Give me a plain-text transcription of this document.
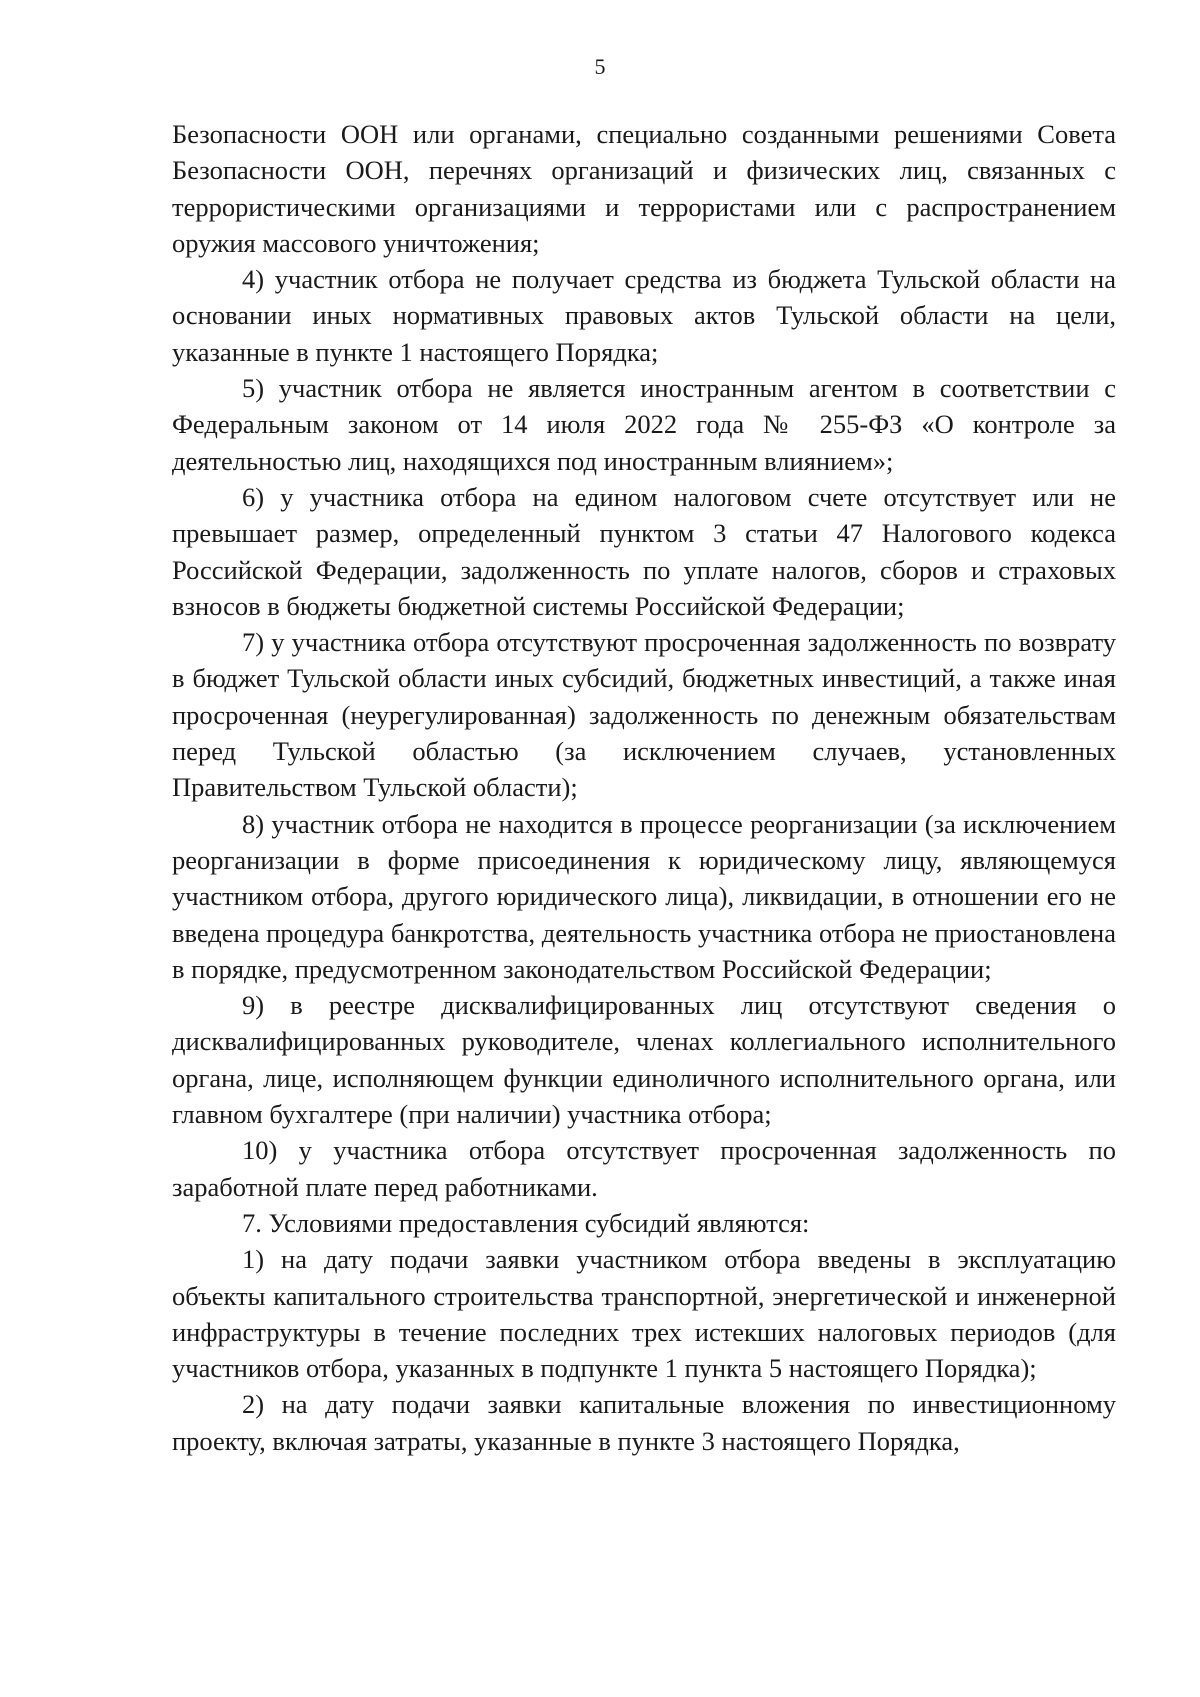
5

Безопасности ООН или органами, специально созданными решениями Совета Безопасности ООН, перечнях организаций и физических лиц, связанных с террористическими организациями и террористами или с распространением оружия массового уничтожения;

4) участник отбора не получает средства из бюджета Тульской области на основании иных нормативных правовых актов Тульской области на цели, указанные в пункте 1 настоящего Порядка;

5) участник отбора не является иностранным агентом в соответствии с Федеральным законом от 14 июля 2022 года № 255-ФЗ «О контроле за деятельностью лиц, находящихся под иностранным влиянием»;

6) у участника отбора на едином налоговом счете отсутствует или не превышает размер, определенный пунктом 3 статьи 47 Налогового кодекса Российской Федерации, задолженность по уплате налогов, сборов и страховых взносов в бюджеты бюджетной системы Российской Федерации;

7) у участника отбора отсутствуют просроченная задолженность по возврату в бюджет Тульской области иных субсидий, бюджетных инвестиций, а также иная просроченная (неурегулированная) задолженность по денежным обязательствам перед Тульской областью (за исключением случаев, установленных Правительством Тульской области);

8) участник отбора не находится в процессе реорганизации (за исключением реорганизации в форме присоединения к юридическому лицу, являющемуся участником отбора, другого юридического лица), ликвидации, в отношении его не введена процедура банкротства, деятельность участника отбора не приостановлена в порядке, предусмотренном законодательством Российской Федерации;

9) в реестре дисквалифицированных лиц отсутствуют сведения о дисквалифицированных руководителе, членах коллегиального исполнительного органа, лице, исполняющем функции единоличного исполнительного органа, или главном бухгалтере (при наличии) участника отбора;

10) у участника отбора отсутствует просроченная задолженность по заработной плате перед работниками.

7. Условиями предоставления субсидий являются:

1) на дату подачи заявки участником отбора введены в эксплуатацию объекты капитального строительства транспортной, энергетической и инженерной инфраструктуры в течение последних трех истекших налоговых периодов (для участников отбора, указанных в подпункте 1 пункта 5 настоящего Порядка);

2) на дату подачи заявки капитальные вложения по инвестиционному проекту, включая затраты, указанные в пункте 3 настоящего Порядка,
